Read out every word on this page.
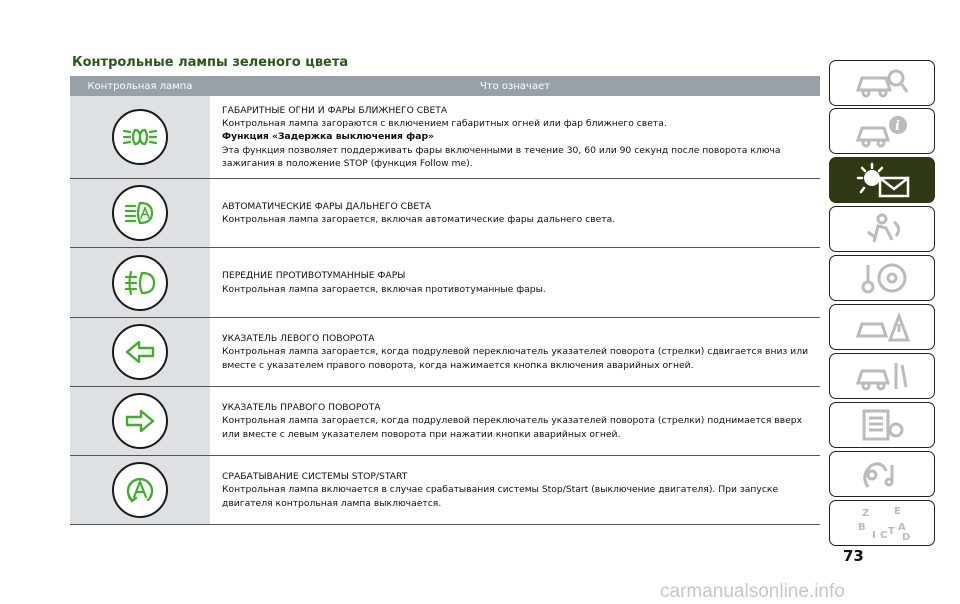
Контрольные лампы зеленого цвета
Контрольная лампа	Что означает
ГАБАРИТНЫЕ ОГНИ И ФАРЫ БЛИЖНЕГО СВЕТА
Контрольная лампа загораются с включением габаритных огней или фар ближнего света.
Функция «Задержка выключения фар»
Эта функция позволяет поддерживать фары включенными в течение 30, 60 или 90 секунд после поворота ключа зажигания в положение STOP (функция Follow me).
АВТОМАТИЧЕСКИЕ ФАРЫ ДАЛЬНЕГО СВЕТА
Контрольная лампа загорается, включая автоматические фары дальнего света.
ПЕРЕДНИЕ ПРОТИВОТУМАННЫЕ ФАРЫ
Контрольная лампа загорается, включая противотуманные фары.
УКАЗАТЕЛЬ ЛЕВОГО ПОВОРОТА
Контрольная лампа загорается, когда подрулевой переключатель указателей поворота (стрелки) сдвигается вниз или вместе с указателем правого поворота, когда нажимается кнопка включения аварийных огней.
УКАЗАТЕЛЬ ПРАВОГО ПОВОРОТА
Контрольная лампа загорается, когда подрулевой переключатель указателей поворота (стрелки) поднимается вверх или вместе с левым указателем поворота при нажатии кнопки аварийных огней.
СРАБАТЫВАНИЕ СИСТЕМЫ STOP/START
Контрольная лампа включается в случае срабатывания системы Stop/Start (выключение двигателя). При запуске двигателя контрольная лампа выключается.
i
Z E
B
I C T A
D
73
carmanualsonline.info
